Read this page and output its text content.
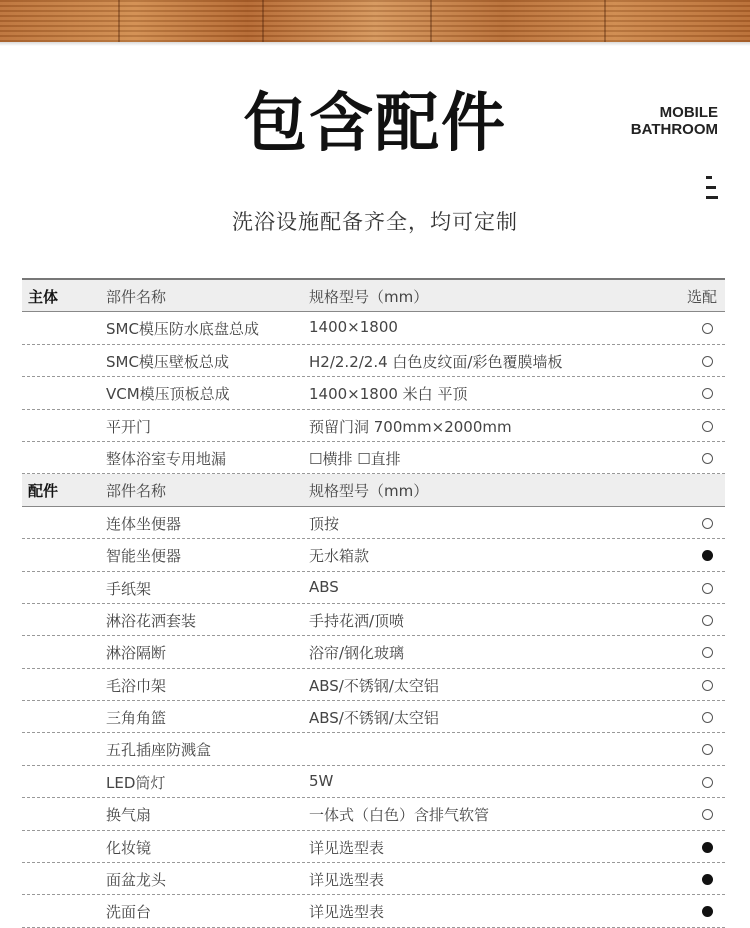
包含配件	MOBILE
BATHROOM
洗浴设施配备齐全，均可定制
主体	部件名称	规格型号（mm）	选配
SMC模压防水底盘总成	1400×1800
SMC模压壁板总成	H2/2.2/2.4 白色皮纹面/彩色覆膜墙板
VCM模压顶板总成	1400×1800 米白 平顶
平开门	预留门洞 700mm×2000mm
整体浴室专用地漏	☐横排 ☐直排
配件	部件名称	规格型号（mm）
连体坐便器	顶按
智能坐便器	无水箱款
手纸架	ABS
淋浴花洒套装	手持花洒/顶喷
淋浴隔断	浴帘/钢化玻璃
毛浴巾架	ABS/不锈钢/太空铝
三角角篮	ABS/不锈钢/太空铝
五孔插座防溅盒
LED筒灯	5W
换气扇	一体式（白色）含排气软管
化妆镜	详见选型表
面盆龙头	详见选型表
洗面台	详见选型表
